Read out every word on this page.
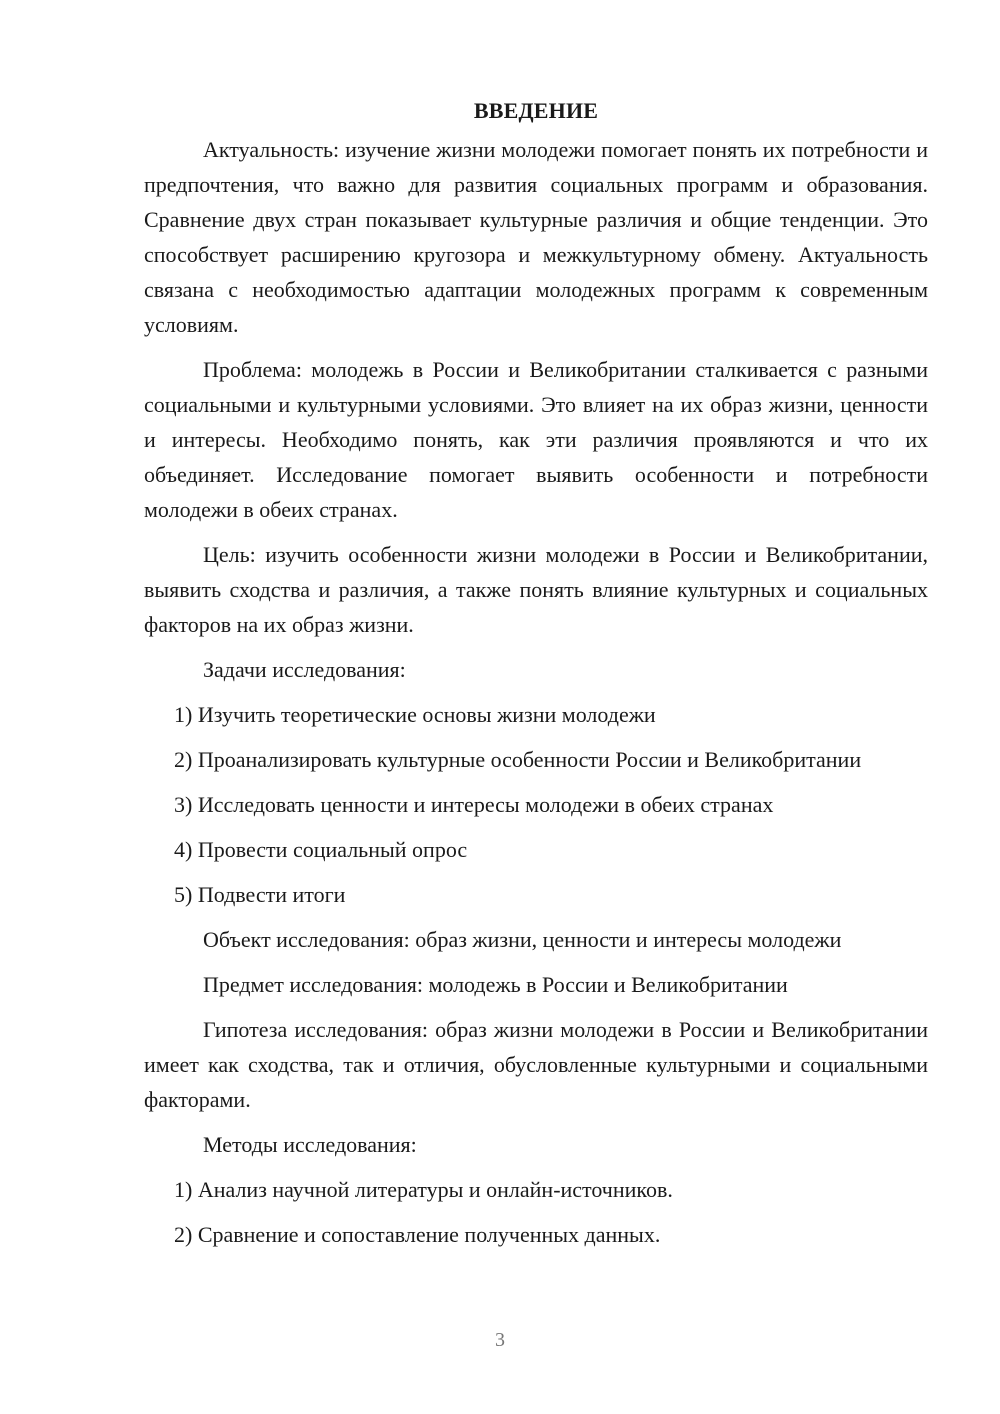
ВВЕДЕНИЕ

Актуальность: изучение жизни молодежи помогает понять их потребности и предпочтения, что важно для развития социальных программ и образования. Сравнение двух стран показывает культурные различия и общие тенденции. Это способствует расширению кругозора и межкультурному обмену. Актуальность связана с необходимостью адаптации молодежных программ к современным условиям.

Проблема: молодежь в России и Великобритании сталкивается с разными социальными и культурными условиями. Это влияет на их образ жизни, ценности и интересы. Необходимо понять, как эти различия проявляются и что их объединяет. Исследование помогает выявить особенности и потребности молодежи в обеих странах.

Цель: изучить особенности жизни молодежи в России и Великобритании, выявить сходства и различия, а также понять влияние культурных и социальных факторов на их образ жизни.

Задачи исследования:
1) Изучить теоретические основы жизни молодежи
2) Проанализировать культурные особенности России и Великобритании
3) Исследовать ценности и интересы молодежи в обеих странах
4) Провести социальный опрос
5) Подвести итоги
Объект исследования: образ жизни, ценности и интересы молодежи
Предмет исследования: молодежь в России и Великобритании

Гипотеза исследования: образ жизни молодежи в России и Великобритании имеет как сходства, так и отличия, обусловленные культурными и социальными факторами.

Методы исследования:
1) Анализ научной литературы и онлайн-источников.
2) Сравнение и сопоставление полученных данных.
3
